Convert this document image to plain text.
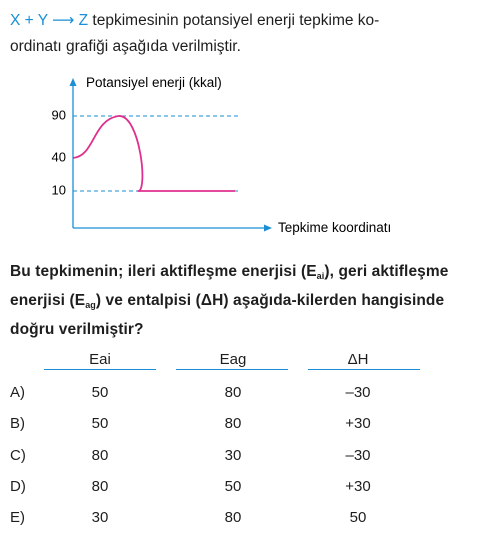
X + Y ⟶ Z tepkimesinin potansiyel enerji tepkime ko-
ordinatı grafiği aşağıda verilmiştir.
90
40
10
Potansiyel enerji (kkal)
Tepkime koordinatı
Bu tepkimenin; ileri aktifleşme enerjisi (Eai), geri aktifleşme enerjisi (Eag) ve entalpisi (ΔH) aşağıda-kilerden hangisinde doğru verilmiştir?
Eai	Eag	ΔH
A)	50	80	–30
B)	50	80	+30
C)	80	30	–30
D)	80	50	+30
E)	30	80	50
